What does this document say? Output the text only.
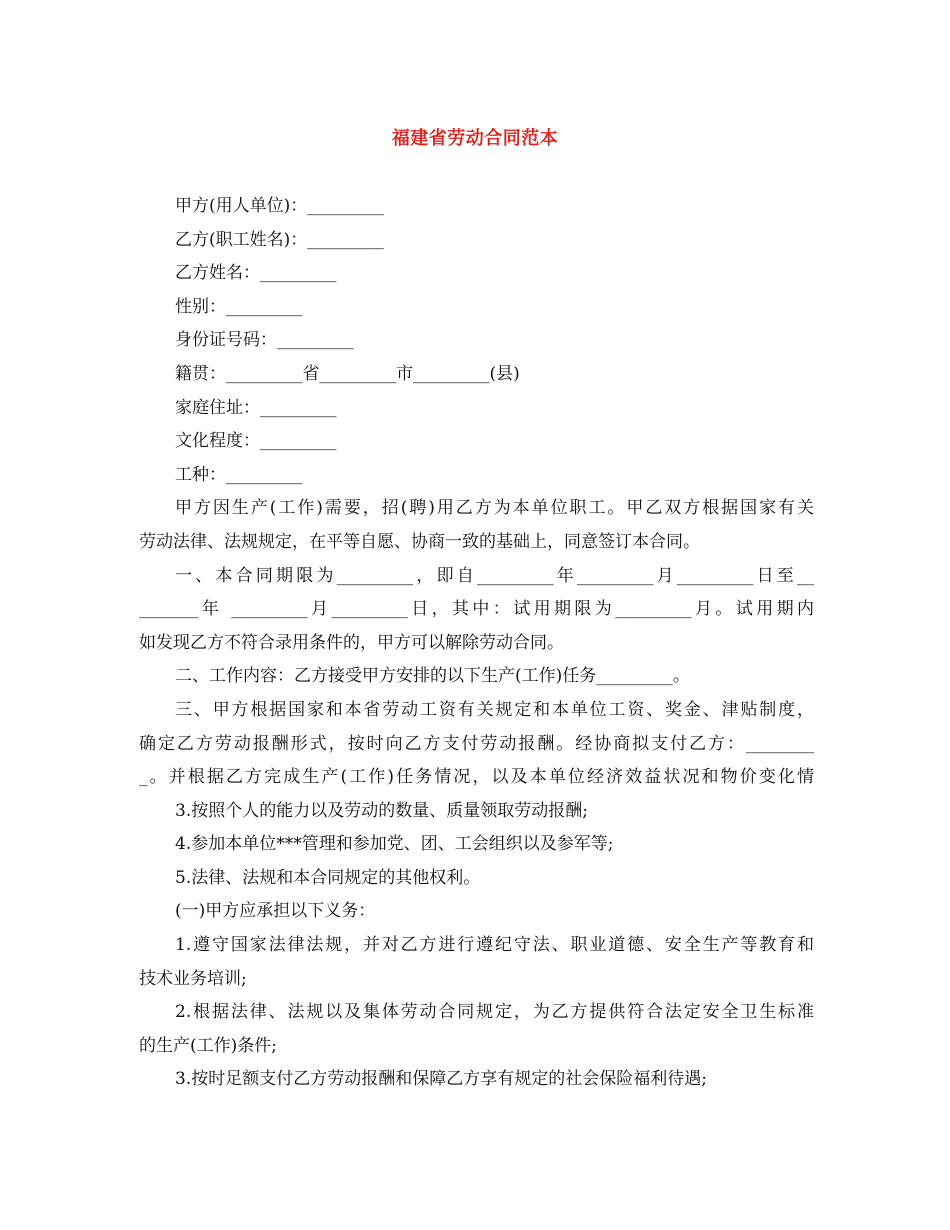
福建省劳动合同范本
甲方(用人单位)：_________
乙方(职工姓名)：_________
乙方姓名：_________
性别：_________
身份证号码：_________
籍贯：_________省_________市_________(县)
家庭住址：_________
文化程度：_________
工种：_________
甲方因生产(工作)需要，招(聘)用乙方为本单位职工。甲乙双方根据国家有关
劳动法律、法规规定，在平等自愿、协商一致的基础上，同意签订本合同。
一、本合同期限为_________，即自_________年_________月_________日至__
_______年 _________月_________日，其中：试用期限为_________月。试用期内
如发现乙方不符合录用条件的，甲方可以解除劳动合同。
二、工作内容：乙方接受甲方安排的以下生产(工作)任务_________。
三、甲方根据国家和本省劳动工资有关规定和本单位工资、奖金、津贴制度，
确定乙方劳动报酬形式，按时向乙方支付劳动报酬。经协商拟支付乙方：________
_。并根据乙方完成生产(工作)任务情况，以及本单位经济效益状况和物价变化情
3.按照个人的能力以及劳动的数量、质量领取劳动报酬;
4.参加本单位***管理和参加党、团、工会组织以及参军等;
5.法律、法规和本合同规定的其他权利。
(一)甲方应承担以下义务：
1.遵守国家法律法规，并对乙方进行遵纪守法、职业道德、安全生产等教育和
技术业务培训;
2.根据法律、法规以及集体劳动合同规定，为乙方提供符合法定安全卫生标准
的生产(工作)条件;
3.按时足额支付乙方劳动报酬和保障乙方享有规定的社会保险福利待遇;
